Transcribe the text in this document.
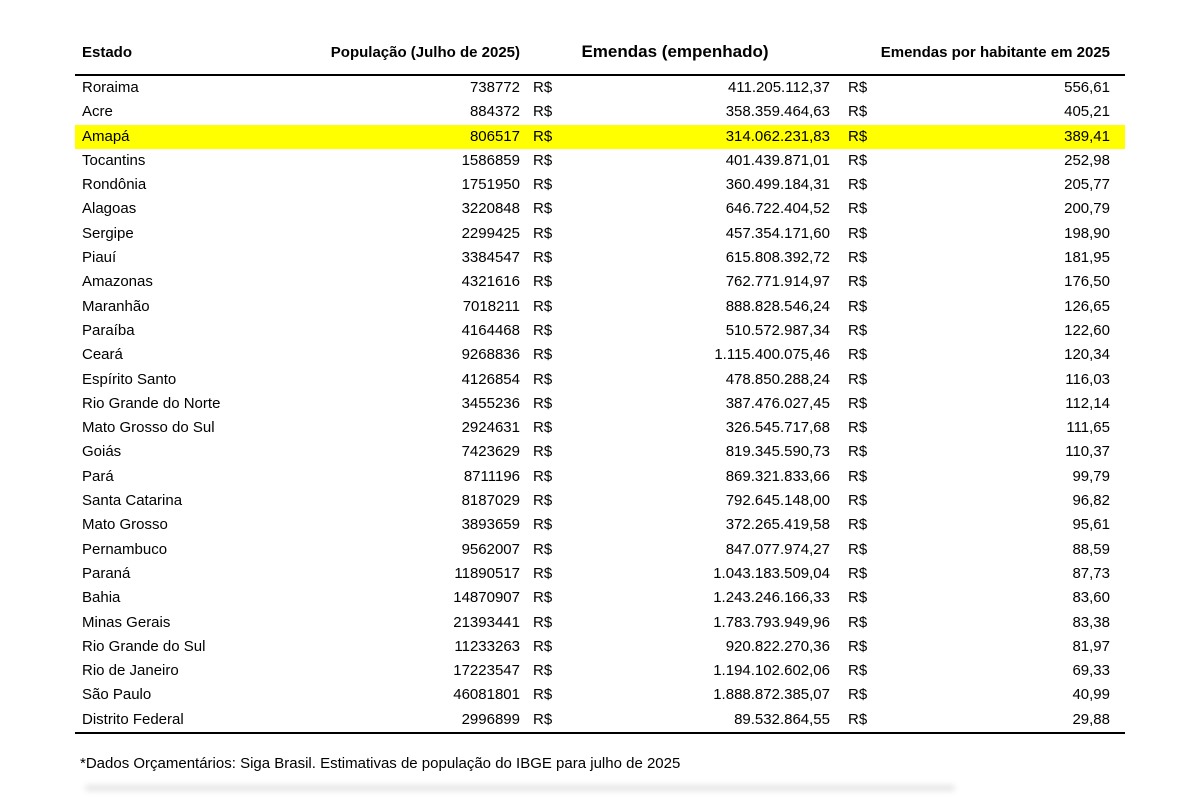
Estado	População (Julho de 2025)	Emendas (empenhado)	Emendas por habitante em 2025
Roraima	738772 R$	411.205.112,37	R$	556,61
Acre	884372 R$	358.359.464,63	R$	405,21
Amapá	806517 R$	314.062.231,83	R$	389,41
Tocantins	1586859 R$	401.439.871,01	R$	252,98
Rondônia	1751950 R$	360.499.184,31	R$	205,77
Alagoas	3220848 R$	646.722.404,52	R$	200,79
Sergipe	2299425 R$	457.354.171,60	R$	198,90
Piauí	3384547 R$	615.808.392,72	R$	181,95
Amazonas	4321616 R$	762.771.914,97	R$	176,50
Maranhão	7018211 R$	888.828.546,24	R$	126,65
Paraíba	4164468 R$	510.572.987,34	R$	122,60
Ceará	9268836 R$	1.115.400.075,46	R$	120,34
Espírito Santo	4126854 R$	478.850.288,24	R$	116,03
Rio Grande do Norte	3455236 R$	387.476.027,45	R$	112,14
Mato Grosso do Sul	2924631 R$	326.545.717,68	R$	111,65
Goiás	7423629 R$	819.345.590,73	R$	110,37
Pará	8711196 R$	869.321.833,66	R$	99,79
Santa Catarina	8187029 R$	792.645.148,00	R$	96,82
Mato Grosso	3893659 R$	372.265.419,58	R$	95,61
Pernambuco	9562007 R$	847.077.974,27	R$	88,59
Paraná	11890517 R$	1.043.183.509,04	R$	87,73
Bahia	14870907 R$	1.243.246.166,33	R$	83,60
Minas Gerais	21393441 R$	1.783.793.949,96	R$	83,38
Rio Grande do Sul	11233263 R$	920.822.270,36	R$	81,97
Rio de Janeiro	17223547 R$	1.194.102.602,06	R$	69,33
São Paulo	46081801 R$	1.888.872.385,07	R$	40,99
Distrito Federal	2996899 R$	89.532.864,55	R$	29,88
*Dados Orçamentários: Siga Brasil. Estimativas de população do IBGE para julho de 2025
